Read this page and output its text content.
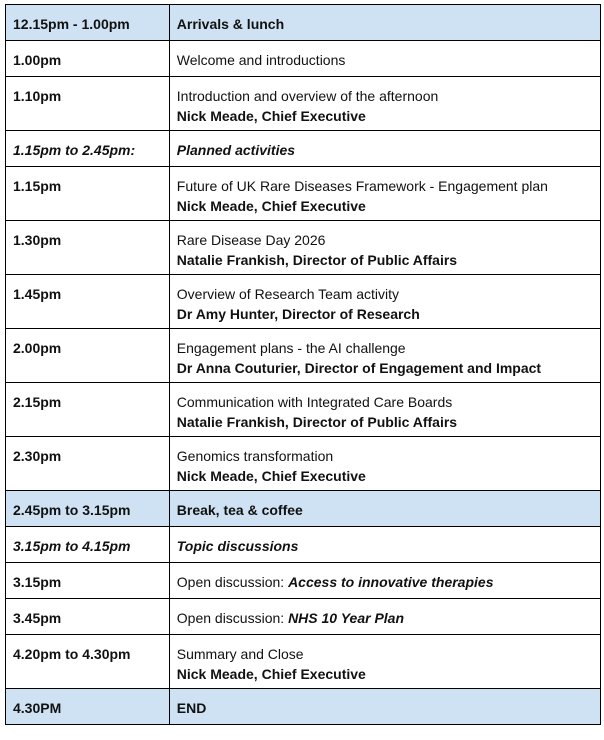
12.15pm - 1.00pm	Arrivals & lunch
1.00pm	Welcome and introductions
1.10pm	Introduction and overview of the afternoon
Nick Meade, Chief Executive

1.15pm to 2.45pm:	Planned activities
1.15pm	Future of UK Rare Diseases Framework - Engagement plan
Nick Meade, Chief Executive

1.30pm	Rare Disease Day 2026
Natalie Frankish, Director of Public Affairs

1.45pm	Overview of Research Team activity
Dr Amy Hunter, Director of Research

2.00pm	Engagement plans - the AI challenge
Dr Anna Couturier, Director of Engagement and Impact

2.15pm	Communication with Integrated Care Boards
Natalie Frankish, Director of Public Affairs

2.30pm	Genomics transformation
Nick Meade, Chief Executive

2.45pm to 3.15pm	Break, tea & coffee
3.15pm to 4.15pm	Topic discussions
3.15pm	Open discussion: Access to innovative therapies
3.45pm	Open discussion: NHS 10 Year Plan
4.20pm to 4.30pm	Summary and Close
Nick Meade, Chief Executive

4.30PM	END
